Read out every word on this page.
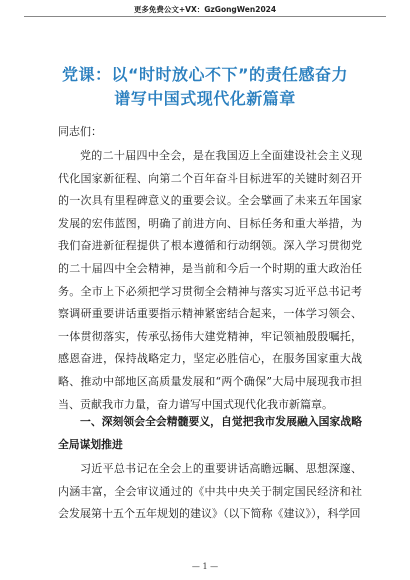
更多免费公文+VX：GzGongWen2024
党课：以“时时放心不下”的责任感奋力
谱写中国式现代化新篇章
同志们：
党的二十届四中全会，是在我国迈上全面建设社会主义现代化国家新征程、向第二个百年奋斗目标进军的关键时刻召开的一次具有里程碑意义的重要会议。全会擘画了未来五年国家发展的宏伟蓝图，明确了前进方向、目标任务和重大举措，为我们奋进新征程提供了根本遵循和行动纲领。深入学习贯彻党的二十届四中全会精神，是当前和今后一个时期的重大政治任务。全市上下必须把学习贯彻全会精神与落实习近平总书记考察调研重要讲话重要指示精神紧密结合起来，一体学习领会、一体贯彻落实，传承弘扬伟大建党精神，牢记领袖殷殷嘱托，感恩奋进，保持战略定力，坚定必胜信心，在服务国家重大战略、推动中部地区高质量发展和“两个确保”大局中展现我市担当、贡献我市力量，奋力谱写中国式现代化我市新篇章。
一、深刻领会全会精髓要义，自觉把我市发展融入国家战略全局谋划推进
习近平总书记在全会上的重要讲话高瞻远瞩、思想深邃、内涵丰富，全会审议通过的《中共中央关于制定国民经济和社会发展第十五个五年规划的建议》（以下简称《建议》），科学回
— 1 —
